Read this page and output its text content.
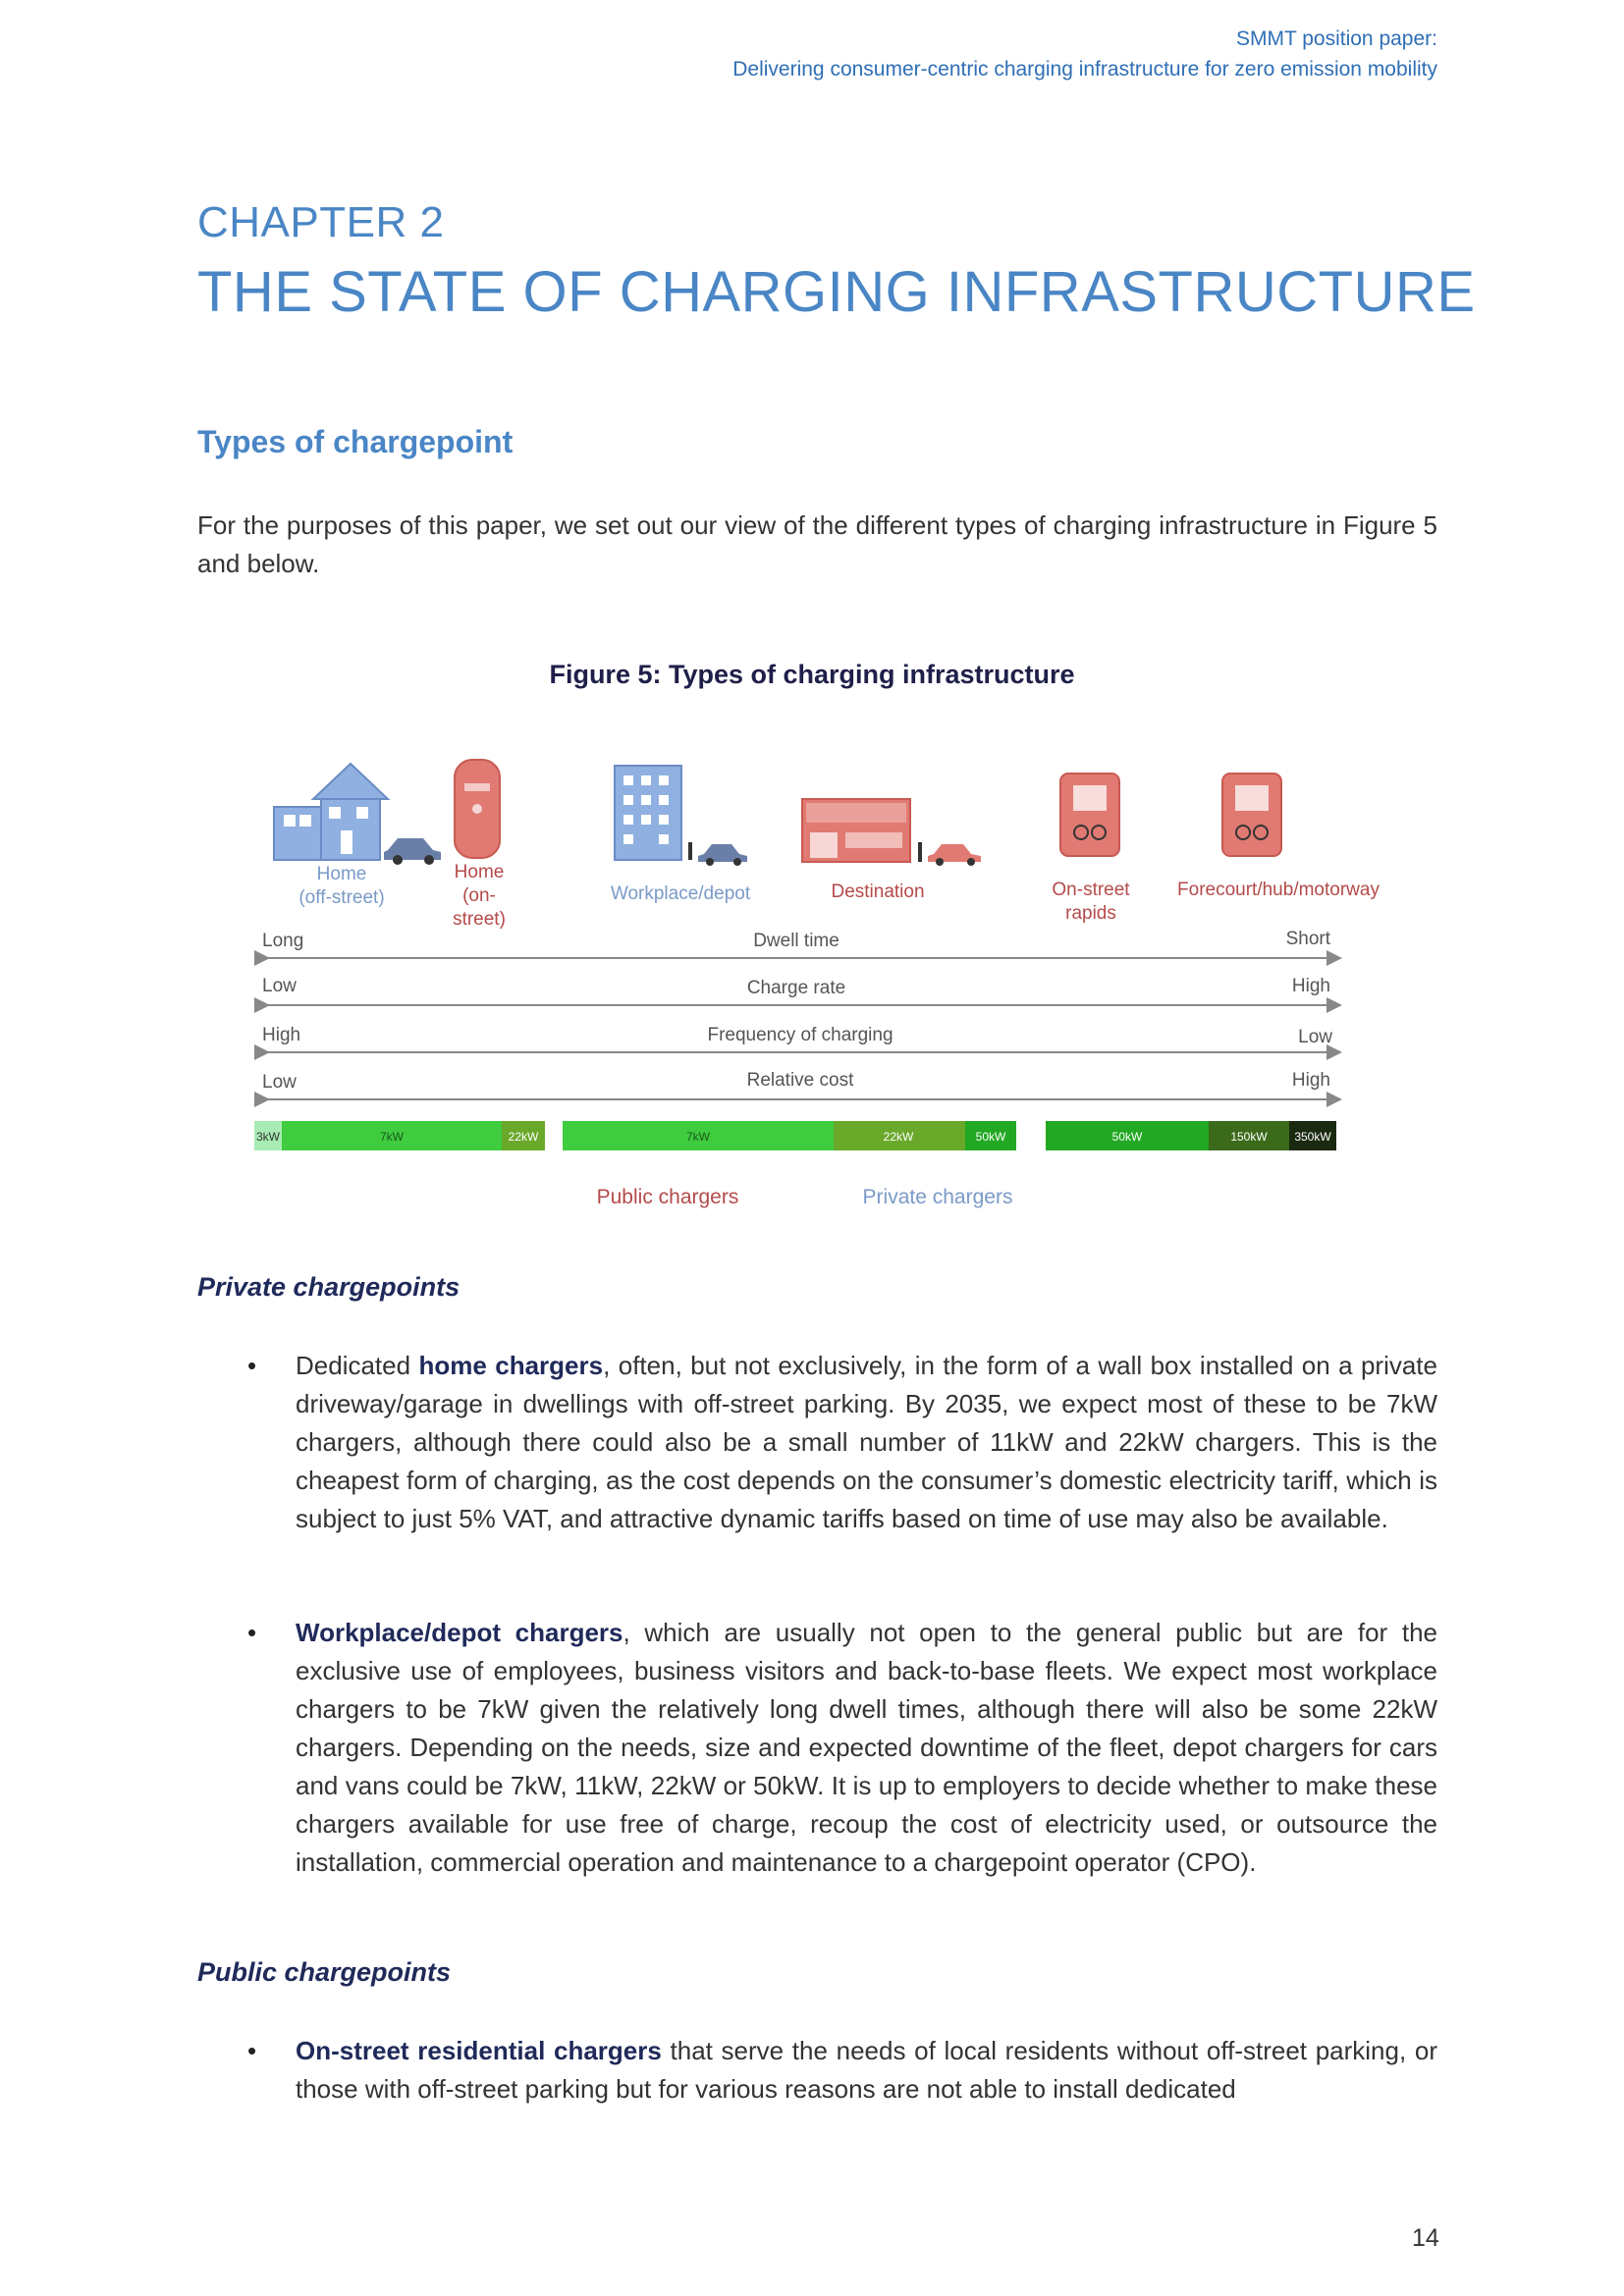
SMMT position paper:
Delivering consumer-centric charging infrastructure for zero emission mobility
CHAPTER 2
THE STATE OF CHARGING INFRASTRUCTURE
Types of chargepoint
For the purposes of this paper, we set out our view of the different types of charging infrastructure in Figure 5 and below.
Figure 5: Types of charging infrastructure
Home
(off-street)
Home
(on-
street)
Workplace/depot	Destination	On-street
rapids
Forecourt/hub/motorway
Long	Dwell time	Short
Low	Charge rate	High
High	Frequency of charging	Low
Low	Relative cost	High
3kW	7kW	22kW	7kW	22kW	50kW	50kW	150kW 350kW
Public chargers	Private chargers
Private chargepoints
• Dedicated home chargers, often, but not exclusively, in the form of a wall box installed on a private driveway/garage in dwellings with off-street parking. By 2035, we expect most of these to be 7kW chargers, although there could also be a small number of 11kW and 22kW chargers. This is the cheapest form of charging, as the cost depends on the consumer’s domestic electricity tariff, which is subject to just 5% VAT, and attractive dynamic tariffs based on time of use may also be available.
• Workplace/depot chargers, which are usually not open to the general public but are for the exclusive use of employees, business visitors and back-to-base fleets. We expect most workplace chargers to be 7kW given the relatively long dwell times, although there will also be some 22kW chargers. Depending on the needs, size and expected downtime of the fleet, depot chargers for cars and vans could be 7kW, 11kW, 22kW or 50kW. It is up to employers to decide whether to make these chargers available for use free of charge, recoup the cost of electricity used, or outsource the installation, commercial operation and maintenance to a chargepoint operator (CPO).
Public chargepoints
• On-street residential chargers that serve the needs of local residents without off-street parking, or those with off-street parking but for various reasons are not able to install dedicated
14
